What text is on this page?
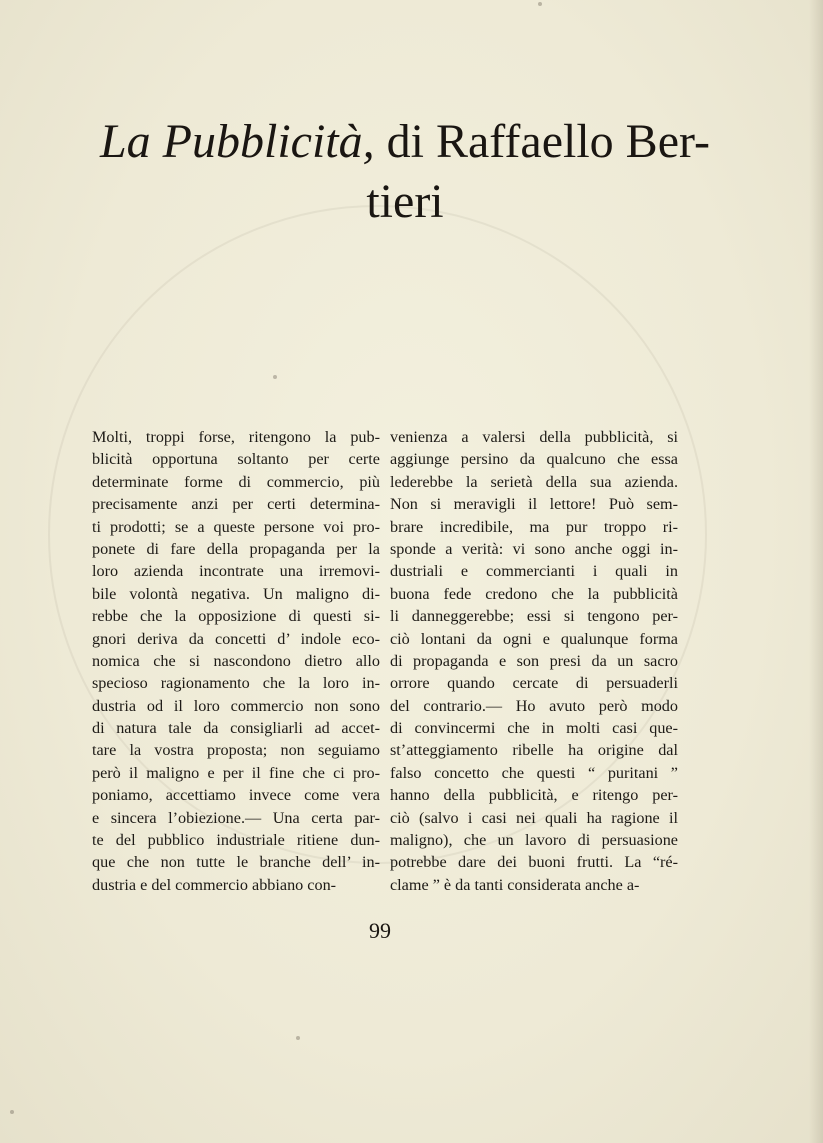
La Pubblicità, di Raffaello Ber-
tieri
Molti, troppi forse, ritengono la pub-
blicità opportuna soltanto per certe
determinate forme di commercio, più
precisamente anzi per certi determina-
ti prodotti; se a queste persone voi pro-
ponete di fare della propaganda per la
loro azienda incontrate una irremovi-
bile volontà negativa. Un maligno di-
rebbe che la opposizione di questi si-
gnori deriva da concetti d’ indole eco-
nomica che si nascondono dietro allo
specioso ragionamento che la loro in-
dustria od il loro commercio non sono
di natura tale da consigliarli ad accet-
tare la vostra proposta; non seguiamo
però il maligno e per il fine che ci pro-
poniamo, accettiamo invece come vera
e sincera l’obiezione.— Una certa par-
te del pubblico industriale ritiene dun-
que che non tutte le branche dell’ in-
dustria e del commercio abbiano con-
venienza a valersi della pubblicità, si
aggiunge persino da qualcuno che essa
lederebbe la serietà della sua azienda.
Non si meravigli il lettore! Può sem-
brare incredibile, ma pur troppo ri-
sponde a verità: vi sono anche oggi in-
dustriali e commercianti i quali in
buona fede credono che la pubblicità
li danneggerebbe; essi si tengono per-
ciò lontani da ogni e qualunque forma
di propaganda e son presi da un sacro
orrore quando cercate di persuaderli
del contrario.— Ho avuto però modo
di convincermi che in molti casi que-
st’atteggiamento ribelle ha origine dal
falso concetto che questi “ puritani ”
hanno della pubblicità, e ritengo per-
ciò (salvo i casi nei quali ha ragione il
maligno), che un lavoro di persuasione
potrebbe dare dei buoni frutti. La “ré-
clame ” è da tanti considerata anche a-
99
